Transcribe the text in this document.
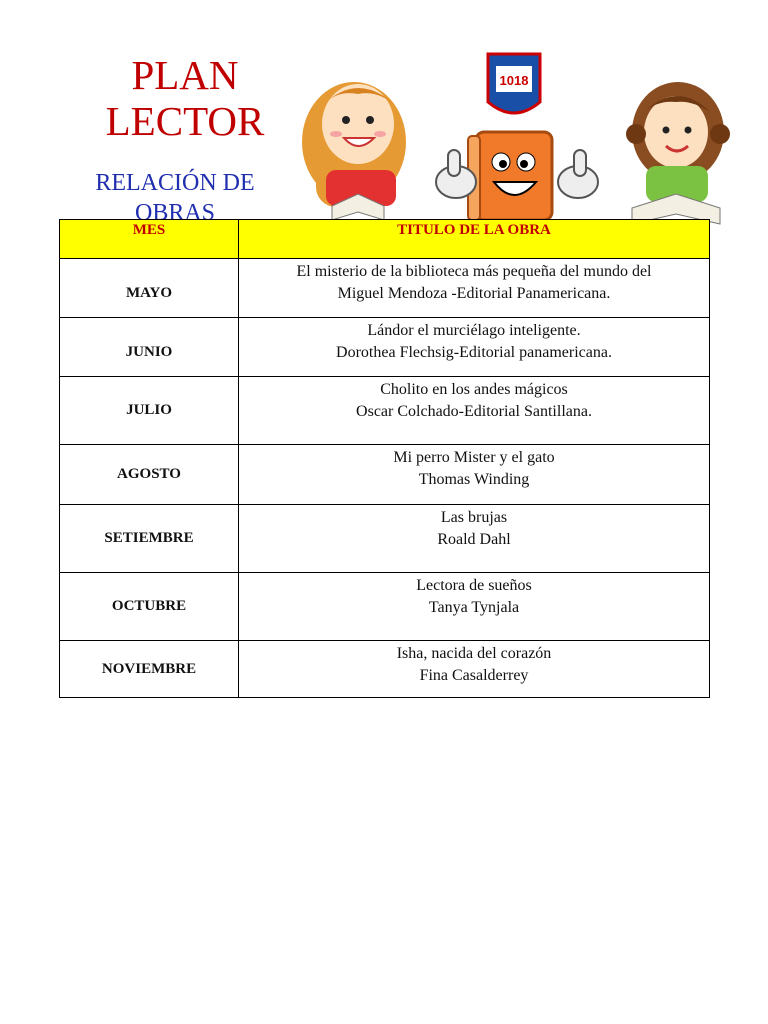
PLAN
LECTOR
RELACIÓN DE OBRAS
1018
MES	TITULO DE LA OBRA
MAYO	El misterio de la biblioteca más pequeña del mundo del
Miguel Mendoza -Editorial Panamericana.

JUNIO	Lándor el murciélago inteligente.
Dorothea Flechsig-Editorial panamericana.

JULIO	Cholito en los andes mágicos
Oscar Colchado-Editorial Santillana.

AGOSTO	Mi perro Mister y el gato
Thomas Winding

SETIEMBRE	Las brujas
Roald Dahl

OCTUBRE	Lectora de sueños
Tanya Tynjala

NOVIEMBRE	Isha, nacida del corazón
Fina Casalderrey
